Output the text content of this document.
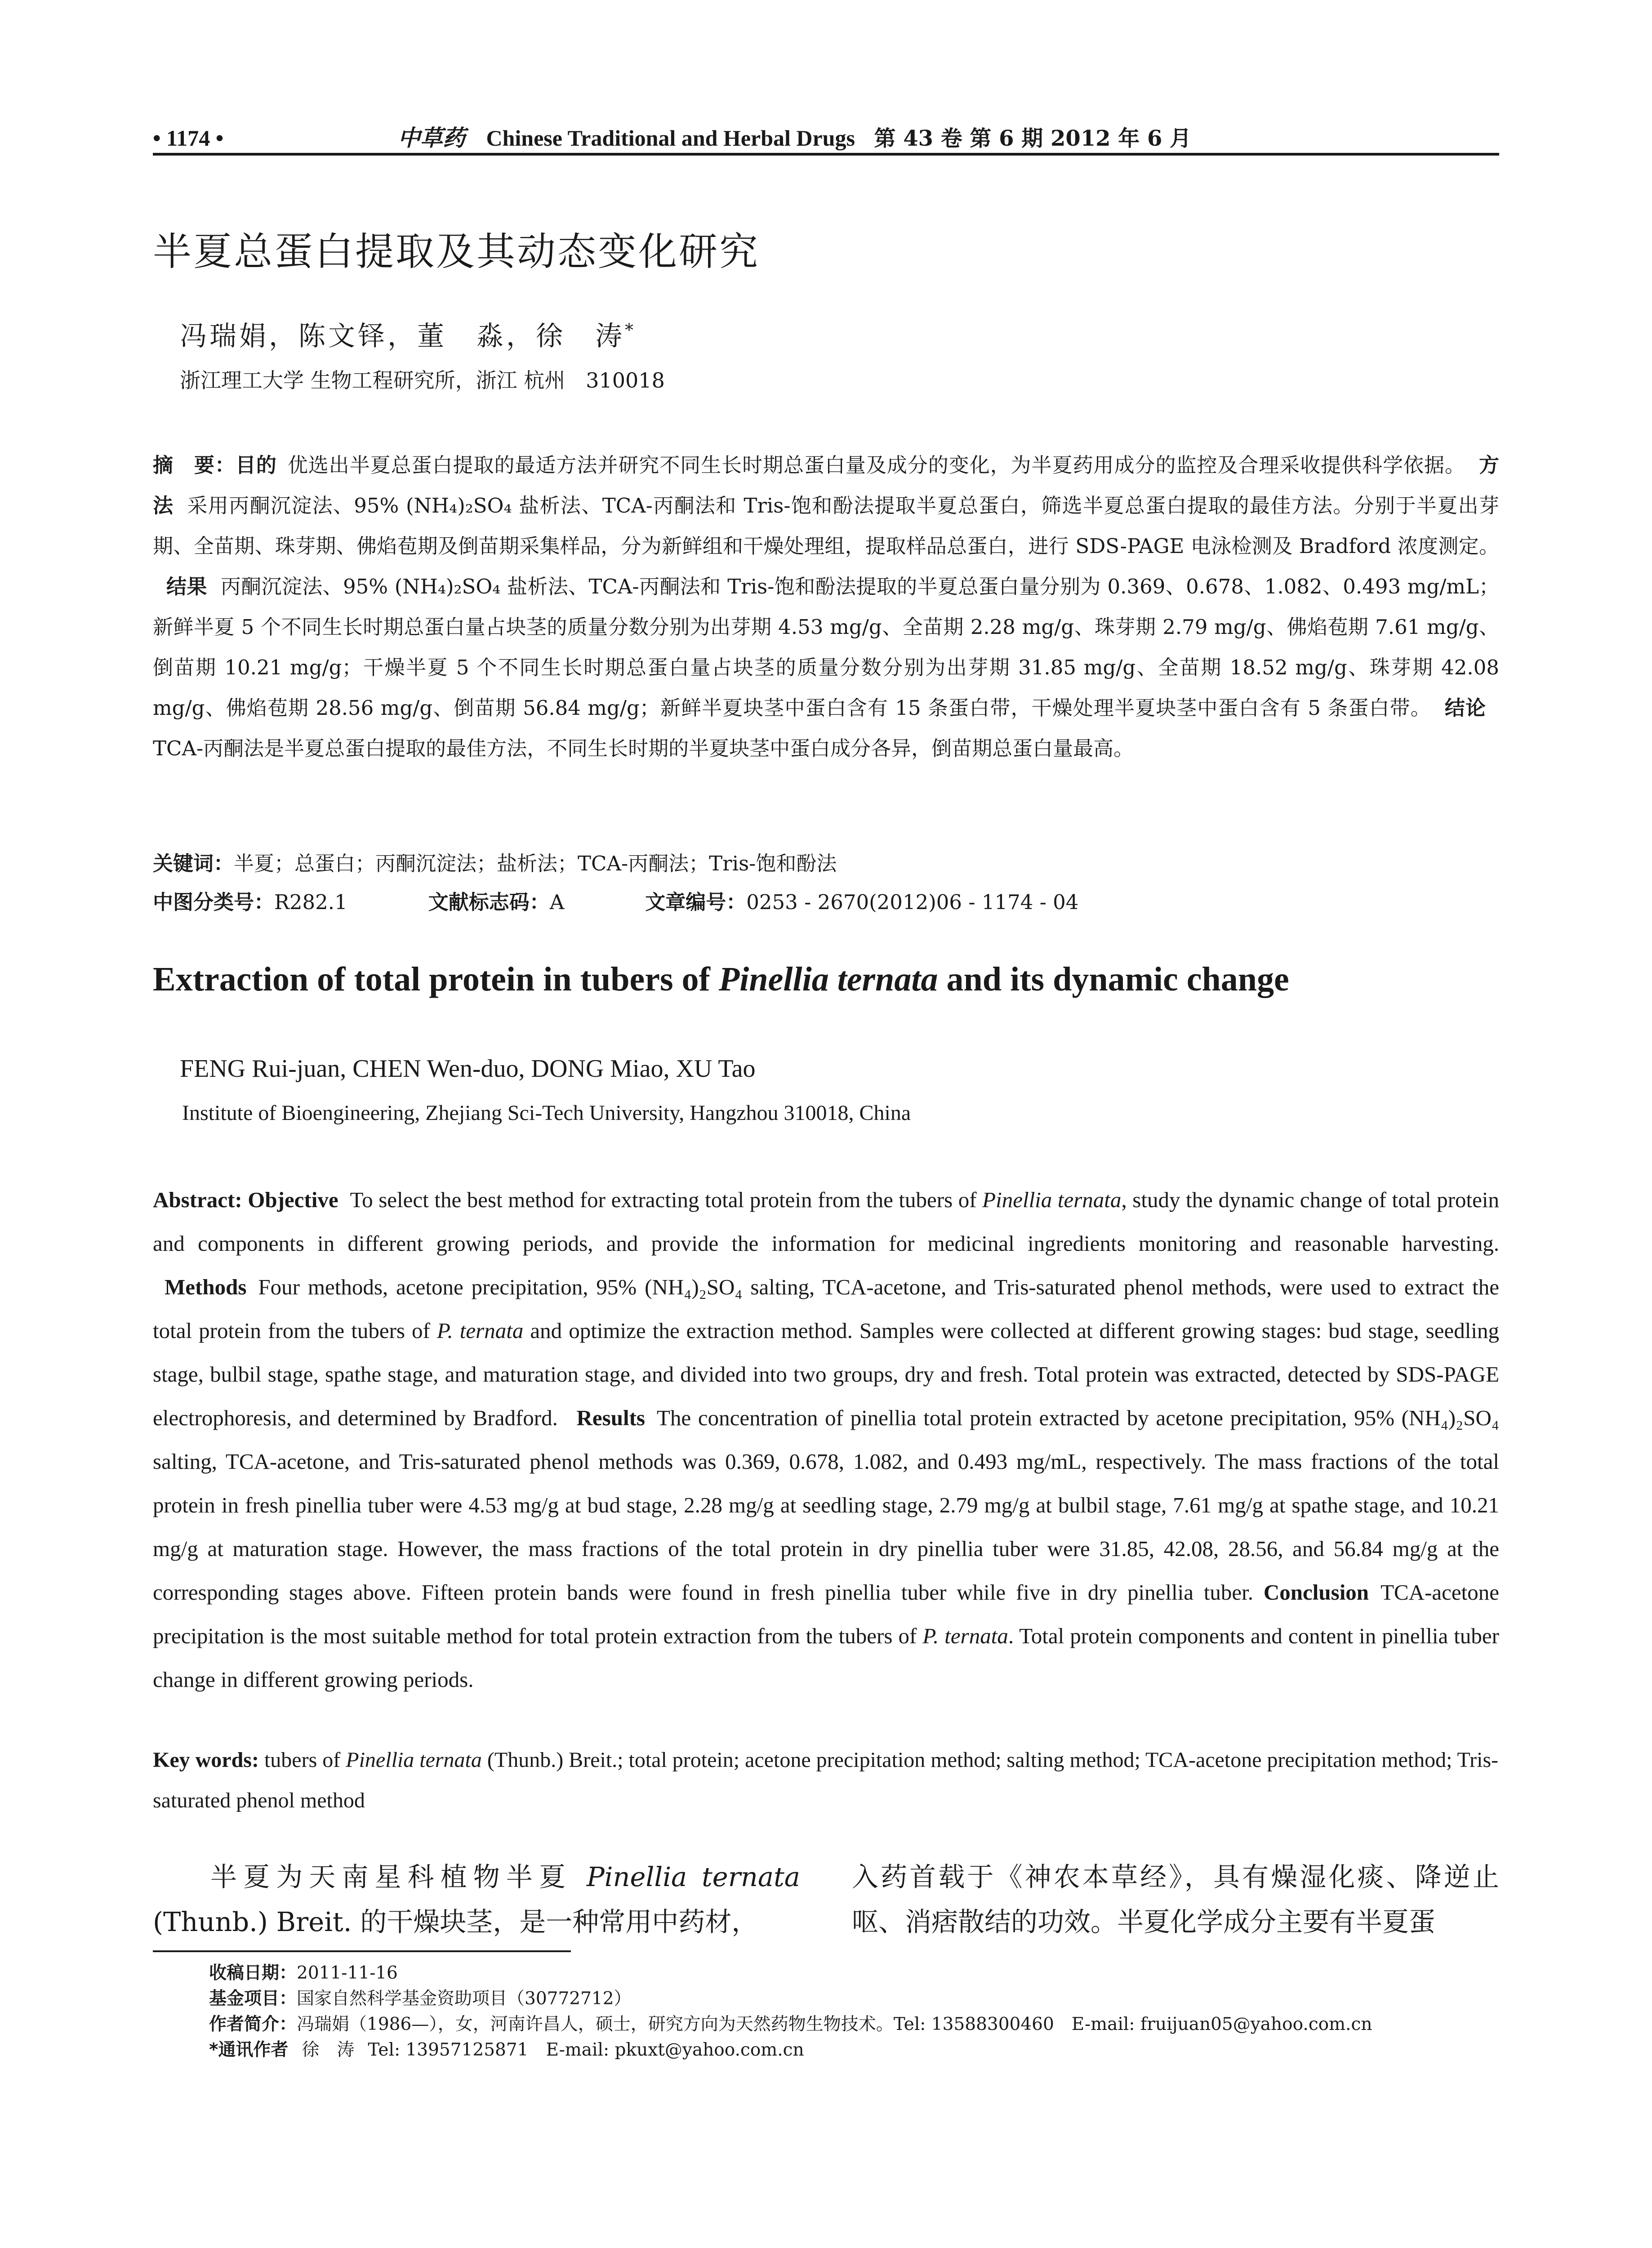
• 1174 •	中草药 Chinese Traditional and Herbal Drugs 第 43 卷 第 6 期 2012 年 6 月
半夏总蛋白提取及其动态变化研究
冯瑞娟，陈文铎，董　淼，徐　涛*
浙江理工大学 生物工程研究所，浙江 杭州　310018
摘　要：目的 优选出半夏总蛋白提取的最适方法并研究不同生长时期总蛋白量及成分的变化，为半夏药用成分的监控及合理采收提供科学依据。 方法 采用丙酮沉淀法、95% (NH₄)₂SO₄ 盐析法、TCA-丙酮法和 Tris-饱和酚法提取半夏总蛋白，筛选半夏总蛋白提取的最佳方法。分别于半夏出芽期、全苗期、珠芽期、佛焰苞期及倒苗期采集样品，分为新鲜组和干燥处理组，提取样品总蛋白，进行 SDS-PAGE 电泳检测及 Bradford 浓度测定。结果 丙酮沉淀法、95% (NH₄)₂SO₄ 盐析法、TCA-丙酮法和 Tris-饱和酚法提取的半夏总蛋白量分别为 0.369、0.678、1.082、0.493 mg/mL；新鲜半夏 5 个不同生长时期总蛋白量占块茎的质量分数分别为出芽期 4.53 mg/g、全苗期 2.28 mg/g、珠芽期 2.79 mg/g、佛焰苞期 7.61 mg/g、倒苗期 10.21 mg/g；干燥半夏 5 个不同生长时期总蛋白量占块茎的质量分数分别为出芽期 31.85 mg/g、全苗期 18.52 mg/g、珠芽期 42.08 mg/g、佛焰苞期 28.56 mg/g、倒苗期 56.84 mg/g；新鲜半夏块茎中蛋白含有 15 条蛋白带，干燥处理半夏块茎中蛋白含有 5 条蛋白带。 结论TCA-丙酮法是半夏总蛋白提取的最佳方法，不同生长时期的半夏块茎中蛋白成分各异，倒苗期总蛋白量最高。
关键词：半夏；总蛋白；丙酮沉淀法；盐析法；TCA-丙酮法；Tris-饱和酚法
中图分类号：R282.1	文献标志码：A	文章编号：0253 - 2670(2012)06 - 1174 - 04
Extraction of total protein in tubers of Pinellia ternata and its dynamic change
FENG Rui-juan, CHEN Wen-duo, DONG Miao, XU Tao
Institute of Bioengineering, Zhejiang Sci-Tech University, Hangzhou 310018, China
Abstract: Objective To select the best method for extracting total protein from the tubers of Pinellia ternata, study the dynamic change of total protein and components in different growing periods, and provide the information for medicinal ingredients monitoring and reasonable harvesting. Methods Four methods, acetone precipitation, 95% (NH₄)₂SO₄ salting, TCA-acetone, and Tris-saturated phenol methods, were used to extract the total protein from the tubers of P. ternata and optimize the extraction method. Samples were collected at different growing stages: bud stage, seedling stage, bulbil stage, spathe stage, and maturation stage, and divided into two groups, dry and fresh. Total protein was extracted, detected by SDS-PAGE electrophoresis, and determined by Bradford. Results The concentration of pinellia total protein extracted by acetone precipitation, 95% (NH₄)₂SO₄ salting, TCA-acetone, and Tris-saturated phenol methods was 0.369, 0.678, 1.082, and 0.493 mg/mL, respectively. The mass fractions of the total protein in fresh pinellia tuber were 4.53 mg/g at bud stage, 2.28 mg/g at seedling stage, 2.79 mg/g at bulbil stage, 7.61 mg/g at spathe stage, and 10.21 mg/g at maturation stage. However, the mass fractions of the total protein in dry pinellia tuber were 31.85, 42.08, 28.56, and 56.84 mg/g at the corresponding stages above. Fifteen protein bands were found in fresh pinellia tuber while five in dry pinellia tuber. Conclusion TCA-acetone precipitation is the most suitable method for total protein extraction from the tubers of P. ternata. Total protein components and content in pinellia tuber change in different growing periods.
Key words: tubers of Pinellia ternata (Thunb.) Breit.; total protein; acetone precipitation method; salting method; TCA-acetone precipitation method; Tris-saturated phenol method
半夏为天南星科植物半夏 Pinellia ternata (Thunb.) Breit. 的干燥块茎，是一种常用中药材，
入药首载于《神农本草经》，具有燥湿化痰、降逆止呕、消痞散结的功效。半夏化学成分主要有半夏蛋
收稿日期：2011-11-16
基金项目：国家自然科学基金资助项目（30772712）
作者简介：冯瑞娟（1986—），女，河南许昌人，硕士，研究方向为天然药物生物技术。Tel: 13588300460　E-mail: fruijuan05@yahoo.com.cn
*通讯作者 徐　涛 Tel: 13957125871　E-mail: pkuxt@yahoo.com.cn
